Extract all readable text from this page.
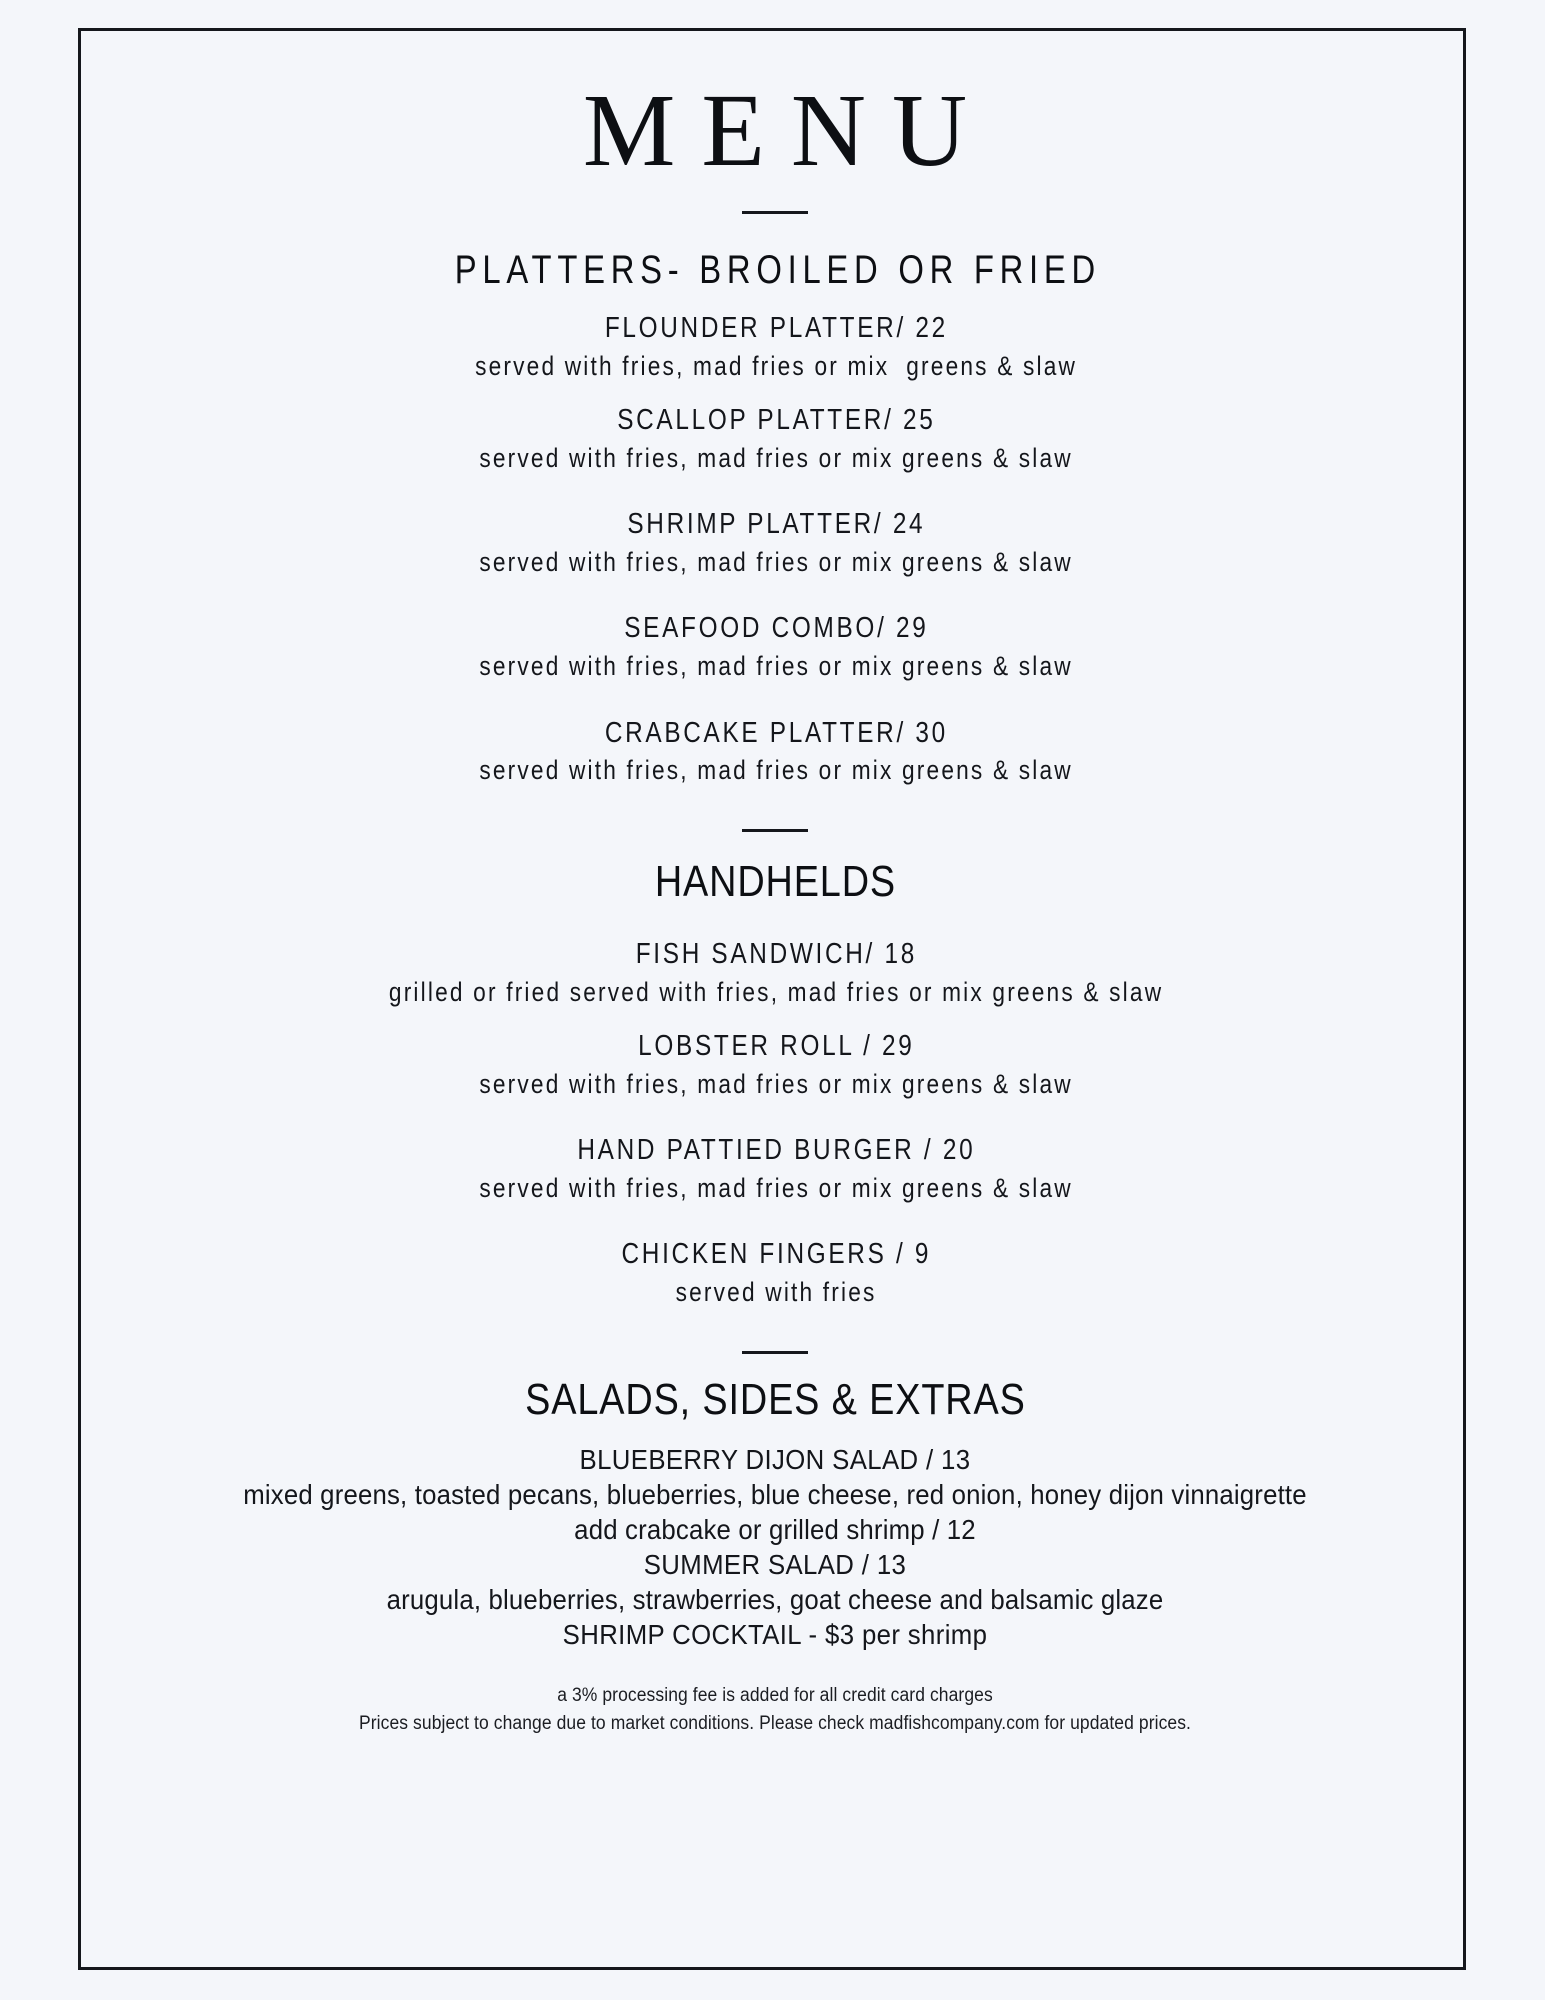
MENU
PLATTERS- BROILED OR FRIED
FLOUNDER PLATTER/ 22
served with fries, mad fries or mix  greens & slaw
SCALLOP PLATTER/ 25
served with fries, mad fries or mix greens & slaw
SHRIMP PLATTER/ 24
served with fries, mad fries or mix greens & slaw
SEAFOOD COMBO/ 29
served with fries, mad fries or mix greens & slaw
CRABCAKE PLATTER/ 30
served with fries, mad fries or mix greens & slaw
HANDHELDS
FISH SANDWICH/ 18
grilled or fried served with fries, mad fries or mix greens & slaw
LOBSTER ROLL / 29
served with fries, mad fries or mix greens & slaw
HAND PATTIED BURGER / 20
served with fries, mad fries or mix greens & slaw
CHICKEN FINGERS / 9
served with fries
SALADS, SIDES & EXTRAS
BLUEBERRY DIJON SALAD / 13
mixed greens, toasted pecans, blueberries, blue cheese, red onion, honey dijon vinnaigrette
add crabcake or grilled shrimp / 12
SUMMER SALAD / 13
arugula, blueberries, strawberries, goat cheese and balsamic glaze
SHRIMP COCKTAIL - $3 per shrimp
a 3% processing fee is added for all credit card charges
Prices subject to change due to market conditions. Please check madfishcompany.com for updated prices.
